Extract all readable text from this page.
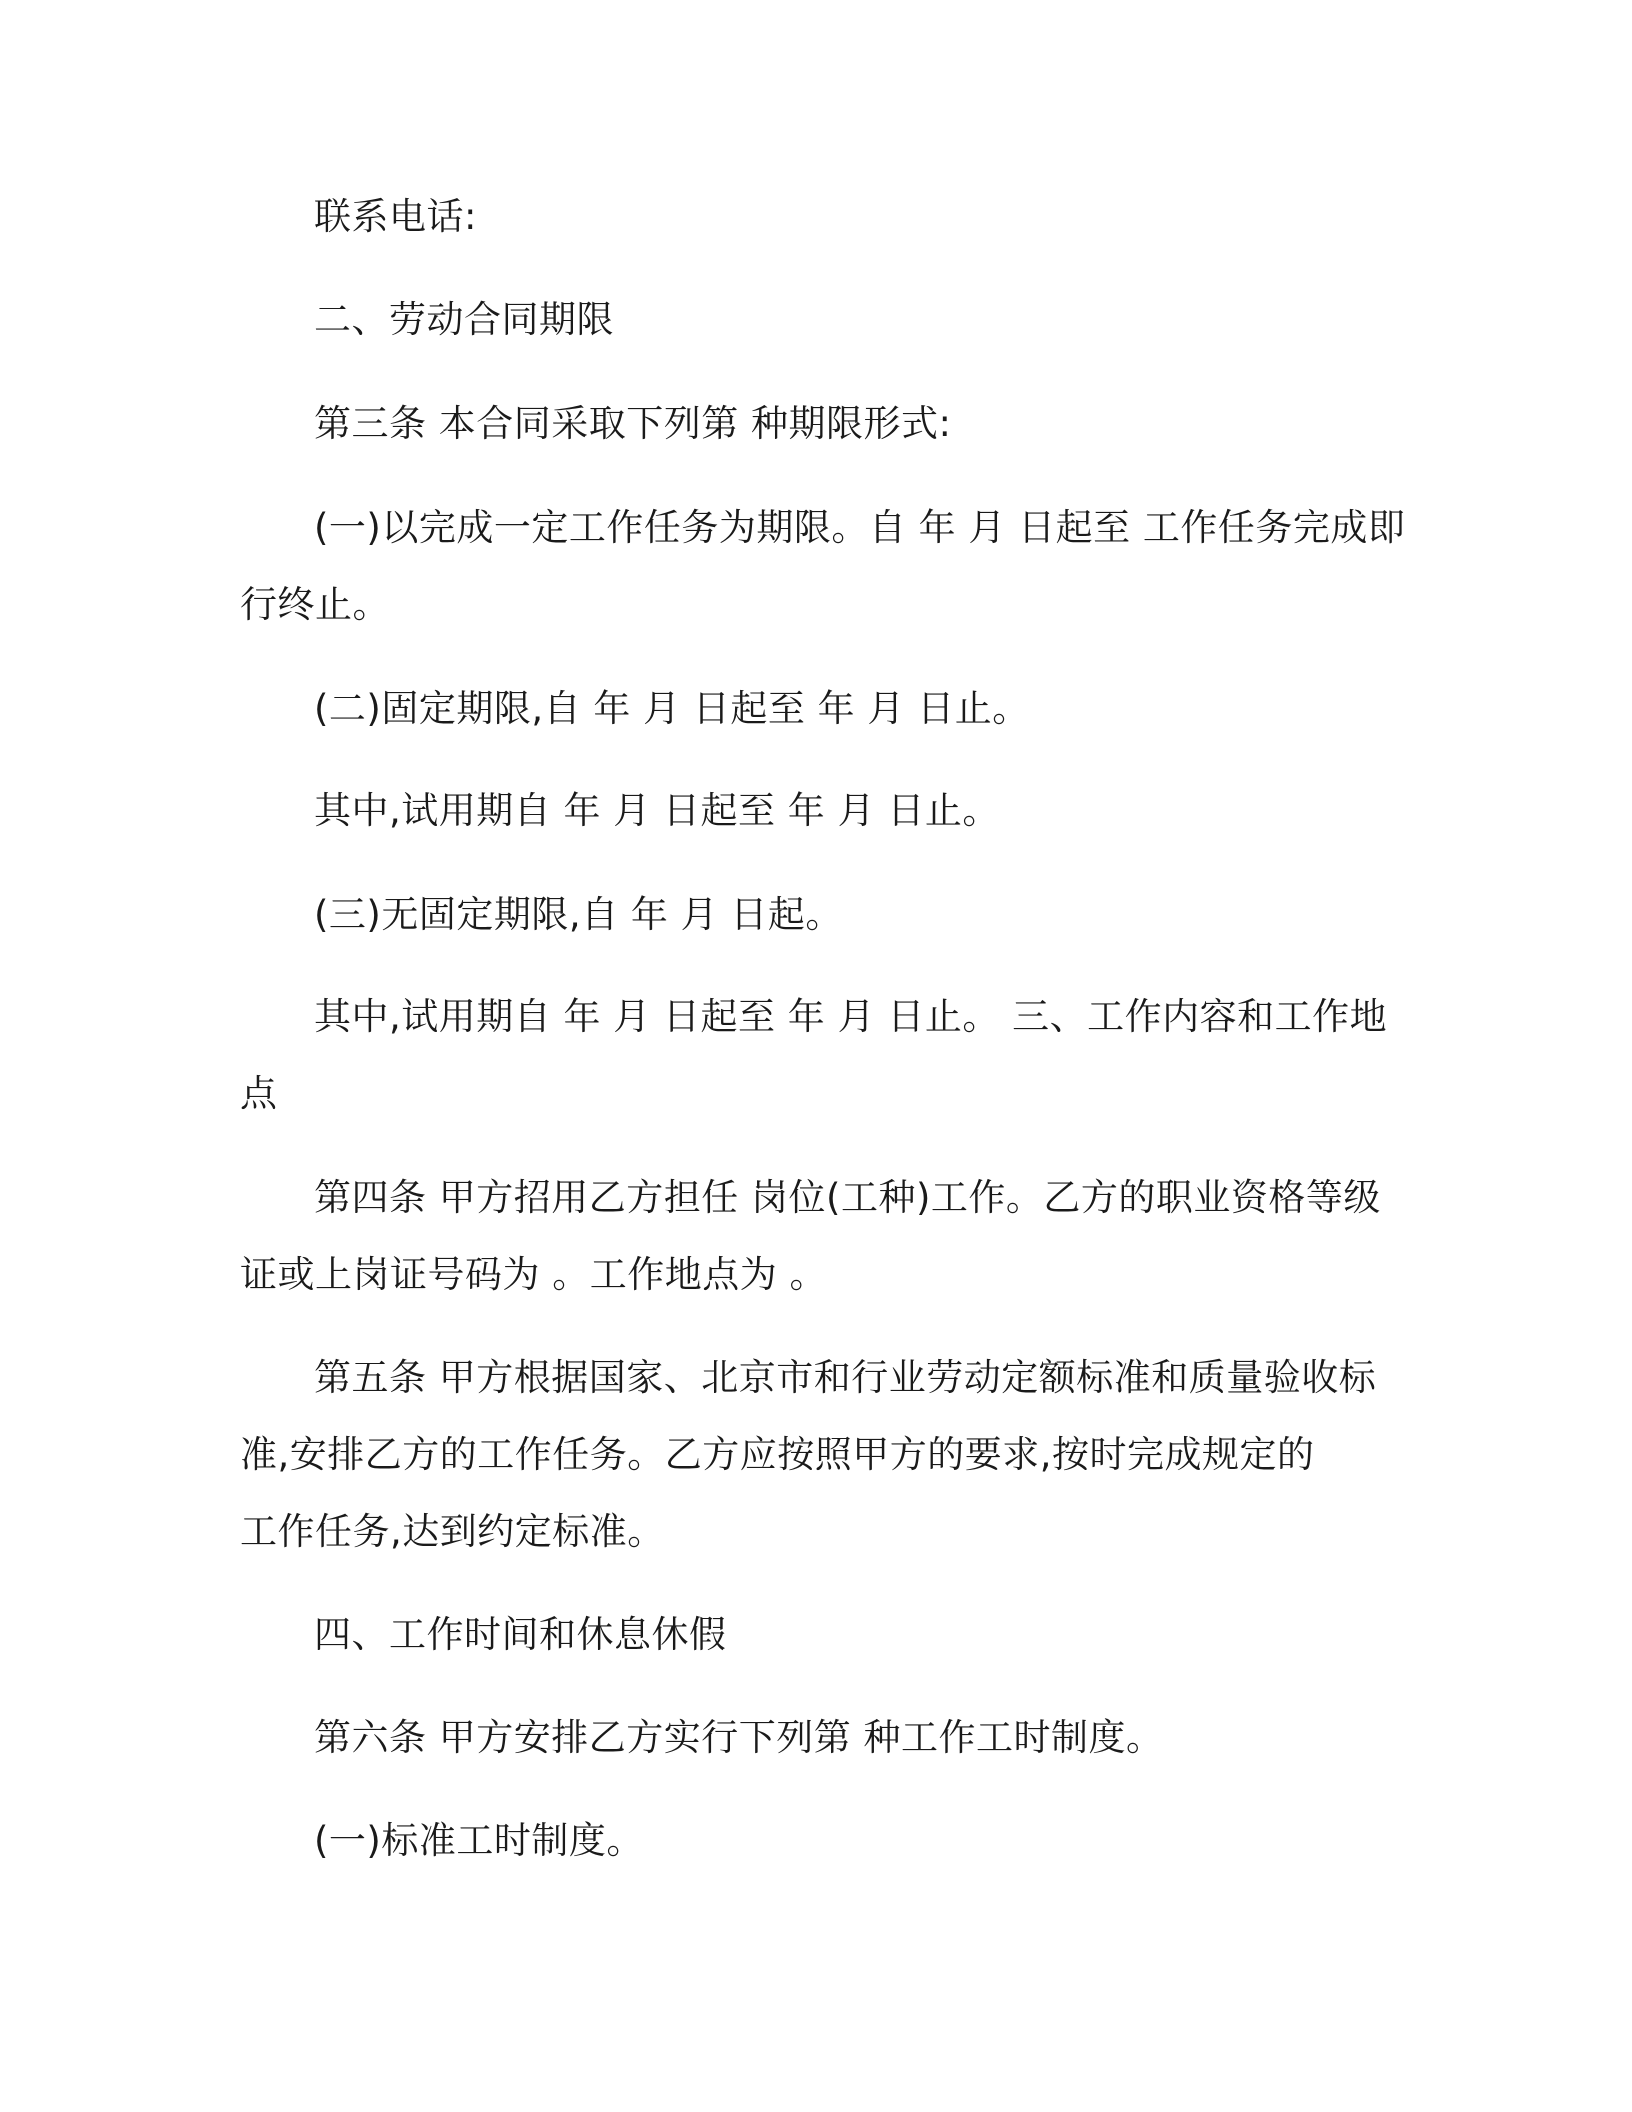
联系电话:

二、劳动合同期限

第三条 本合同采取下列第 种期限形式:

(一)以完成一定工作任务为期限。自 年 月 日起至 工作任务完成即

行终止。

(二)固定期限,自 年 月 日起至 年 月 日止。

其中,试用期自 年 月 日起至 年 月 日止。

(三)无固定期限,自 年 月 日起。

其中,试用期自 年 月 日起至 年 月 日止。 三、工作内容和工作地

点

第四条 甲方招用乙方担任 岗位(工种)工作。乙方的职业资格等级

证或上岗证号码为 。工作地点为 。

第五条 甲方根据国家、北京市和行业劳动定额标准和质量验收标

准,安排乙方的工作任务。乙方应按照甲方的要求,按时完成规定的

工作任务,达到约定标准。

四、工作时间和休息休假

第六条 甲方安排乙方实行下列第 种工作工时制度。

(一)标准工时制度。
